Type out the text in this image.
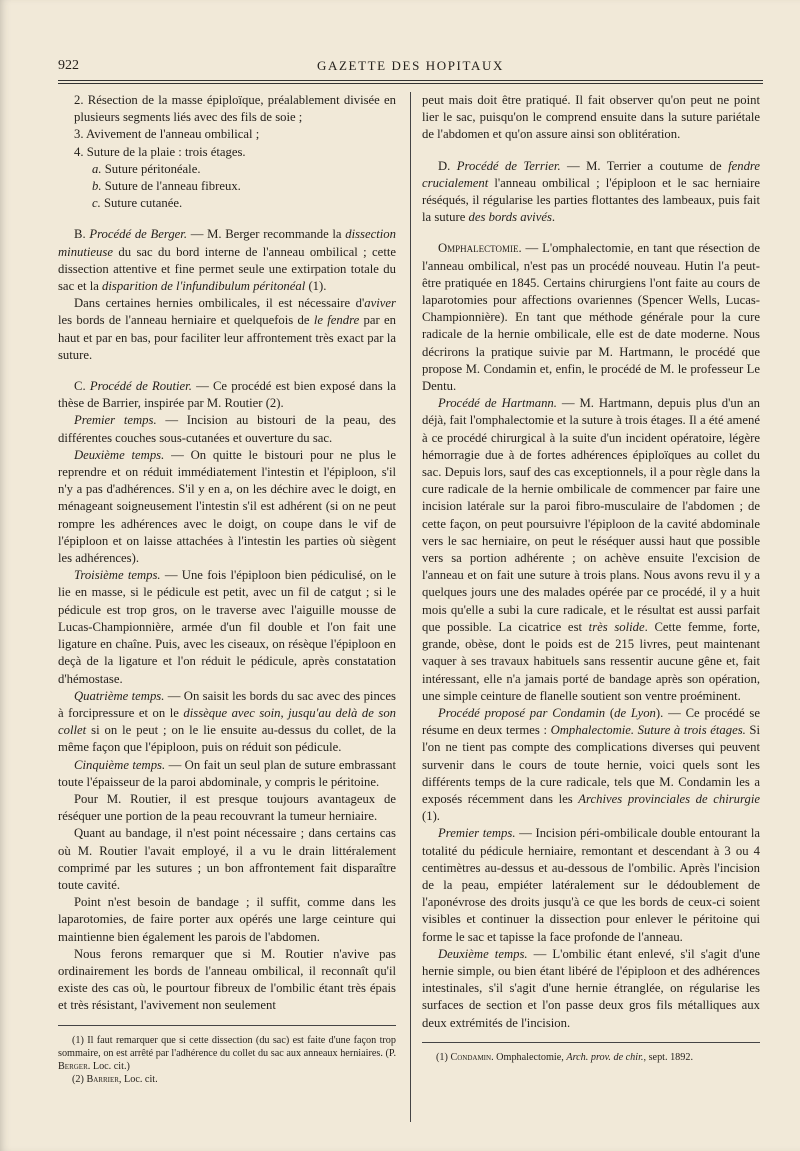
922	GAZETTE DES HOPITAUX

2. Résection de la masse épiploïque, préalablement divisée en plusieurs segments liés avec des fils de soie ;

3. Avivement de l'anneau ombilical ;

4. Suture de la plaie : trois étages.

a. Suture péritonéale.

b. Suture de l'anneau fibreux.

c. Suture cutanée.

B. Procédé de Berger. — M. Berger recommande la dissection minutieuse du sac du bord interne de l'anneau ombilical ; cette dissection attentive et fine permet seule une extirpation totale du sac et la disparition de l'infundibulum péritonéal (1).

Dans certaines hernies ombilicales, il est nécessaire d'aviver les bords de l'anneau herniaire et quelquefois de le fendre par en haut et par en bas, pour faciliter leur affrontement très exact par la suture.

C. Procédé de Routier. — Ce procédé est bien exposé dans la thèse de Barrier, inspirée par M. Routier (2).

Premier temps. — Incision au bistouri de la peau, des différentes couches sous-cutanées et ouverture du sac.

Deuxième temps. — On quitte le bistouri pour ne plus le reprendre et on réduit immédiatement l'intestin et l'épiploon, s'il n'y a pas d'adhérences. S'il y en a, on les déchire avec le doigt, en ménageant soigneusement l'intestin s'il est adhérent (si on ne peut rompre les adhérences avec le doigt, on coupe dans le vif de l'épiploon et on laisse attachées à l'intestin les parties où siègent les adhérences).

Troisième temps. — Une fois l'épiploon bien pédiculisé, on le lie en masse, si le pédicule est petit, avec un fil de catgut ; si le pédicule est trop gros, on le traverse avec l'aiguille mousse de Lucas-Championnière, armée d'un fil double et l'on fait une ligature en chaîne. Puis, avec les ciseaux, on résèque l'épiploon en deçà de la ligature et l'on réduit le pédicule, après constatation d'hémostase.

Quatrième temps. — On saisit les bords du sac avec des pinces à forcipressure et on le dissèque avec soin, jusqu'au delà de son collet si on le peut ; on le lie ensuite au-dessus du collet, de la même façon que l'épiploon, puis on réduit son pédicule.

Cinquième temps. — On fait un seul plan de suture embrassant toute l'épaisseur de la paroi abdominale, y compris le péritoine.

Pour M. Routier, il est presque toujours avantageux de réséquer une portion de la peau recouvrant la tumeur herniaire.

Quant au bandage, il n'est point nécessaire ; dans certains cas où M. Routier l'avait employé, il a vu le drain littéralement comprimé par les sutures ; un bon affrontement fait disparaître toute cavité.

Point n'est besoin de bandage ; il suffit, comme dans les laparotomies, de faire porter aux opérés une large ceinture qui maintienne bien également les parois de l'abdomen.

Nous ferons remarquer que si M. Routier n'avive pas ordinairement les bords de l'anneau ombilical, il reconnaît qu'il existe des cas où, le pourtour fibreux de l'ombilic étant très épais et très résistant, l'avivement non seulement

(1) Il faut remarquer que si cette dissection (du sac) est faite d'une façon trop sommaire, on est arrêté par l'adhérence du collet du sac aux anneaux herniaires. (P. Berger. Loc. cit.)

(2) Barrier, Loc. cit.

peut mais doit être pratiqué. Il fait observer qu'on peut ne point lier le sac, puisqu'on le comprend ensuite dans la suture pariétale de l'abdomen et qu'on assure ainsi son oblitération.

D. Procédé de Terrier. — M. Terrier a coutume de fendre crucialement l'anneau ombilical ; l'épiploon et le sac herniaire réséqués, il régularise les parties flottantes des lambeaux, puis fait la suture des bords avivés.

Omphalectomie. — L'omphalectomie, en tant que résection de l'anneau ombilical, n'est pas un procédé nouveau. Hutin l'a peut-être pratiquée en 1845. Certains chirurgiens l'ont faite au cours de laparotomies pour affections ovariennes (Spencer Wells, Lucas-Championnière). En tant que méthode générale pour la cure radicale de la hernie ombilicale, elle est de date moderne. Nous décrirons la pratique suivie par M. Hartmann, le procédé que propose M. Condamin et, enfin, le procédé de M. le professeur Le Dentu.

Procédé de Hartmann. — M. Hartmann, depuis plus d'un an déjà, fait l'omphalectomie et la suture à trois étages. Il a été amené à ce procédé chirurgical à la suite d'un incident opératoire, légère hémorragie due à de fortes adhérences épiploïques au collet du sac. Depuis lors, sauf des cas exceptionnels, il a pour règle dans la cure radicale de la hernie ombilicale de commencer par faire une incision latérale sur la paroi fibro-musculaire de l'abdomen ; de cette façon, on peut poursuivre l'épiploon de la cavité abdominale vers le sac herniaire, on peut le réséquer aussi haut que possible vers sa portion adhérente ; on achève ensuite l'excision de l'anneau et on fait une suture à trois plans. Nous avons revu il y a quelques jours une des malades opérée par ce procédé, il y a huit mois qu'elle a subi la cure radicale, et le résultat est aussi parfait que possible. La cicatrice est très solide. Cette femme, forte, grande, obèse, dont le poids est de 215 livres, peut maintenant vaquer à ses travaux habituels sans ressentir aucune gêne et, fait intéressant, elle n'a jamais porté de bandage après son opération, une simple ceinture de flanelle soutient son ventre proéminent.

Procédé proposé par Condamin (de Lyon). — Ce procédé se résume en deux termes : Omphalectomie. Suture à trois étages. Si l'on ne tient pas compte des complications diverses qui peuvent survenir dans le cours de toute hernie, voici quels sont les différents temps de la cure radicale, tels que M. Condamin les a exposés récemment dans les Archives provinciales de chirurgie (1).

Premier temps. — Incision péri-ombilicale double entourant la totalité du pédicule herniaire, remontant et descendant à 3 ou 4 centimètres au-dessus et au-dessous de l'ombilic. Après l'incision de la peau, empiéter latéralement sur le dédoublement de l'aponévrose des droits jusqu'à ce que les bords de ceux-ci soient visibles et continuer la dissection pour enlever le péritoine qui forme le sac et tapisse la face profonde de l'anneau.

Deuxième temps. — L'ombilic étant enlevé, s'il s'agit d'une hernie simple, ou bien étant libéré de l'épiploon et des adhérences intestinales, s'il s'agit d'une hernie étranglée, on régularise les surfaces de section et l'on passe deux gros fils métalliques aux deux extrémités de l'incision.

(1) Condamin. Omphalectomie, Arch. prov. de chir., sept. 1892.
